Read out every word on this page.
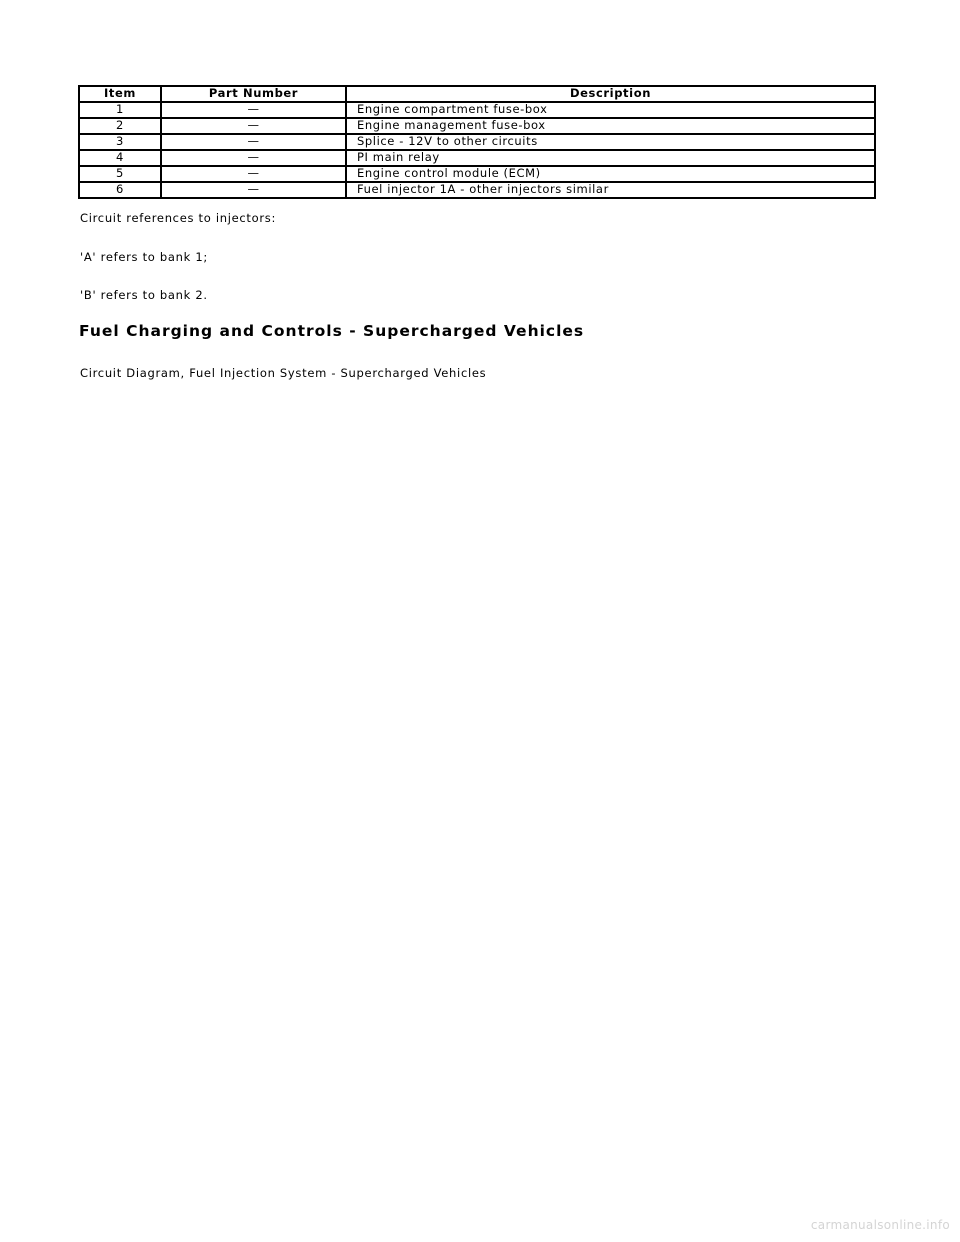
Item	Part Number	Description
1	—	Engine compartment fuse-box
2	—	Engine management fuse-box
3	—	Splice - 12V to other circuits
4	—	PI main relay
5	—	Engine control module (ECM)
6	—	Fuel injector 1A - other injectors similar

Circuit references to injectors:

'A' refers to bank 1;

'B' refers to bank 2.

Fuel Charging and Controls - Supercharged Vehicles

Circuit Diagram, Fuel Injection System - Supercharged Vehicles

carmanualsonline.info
